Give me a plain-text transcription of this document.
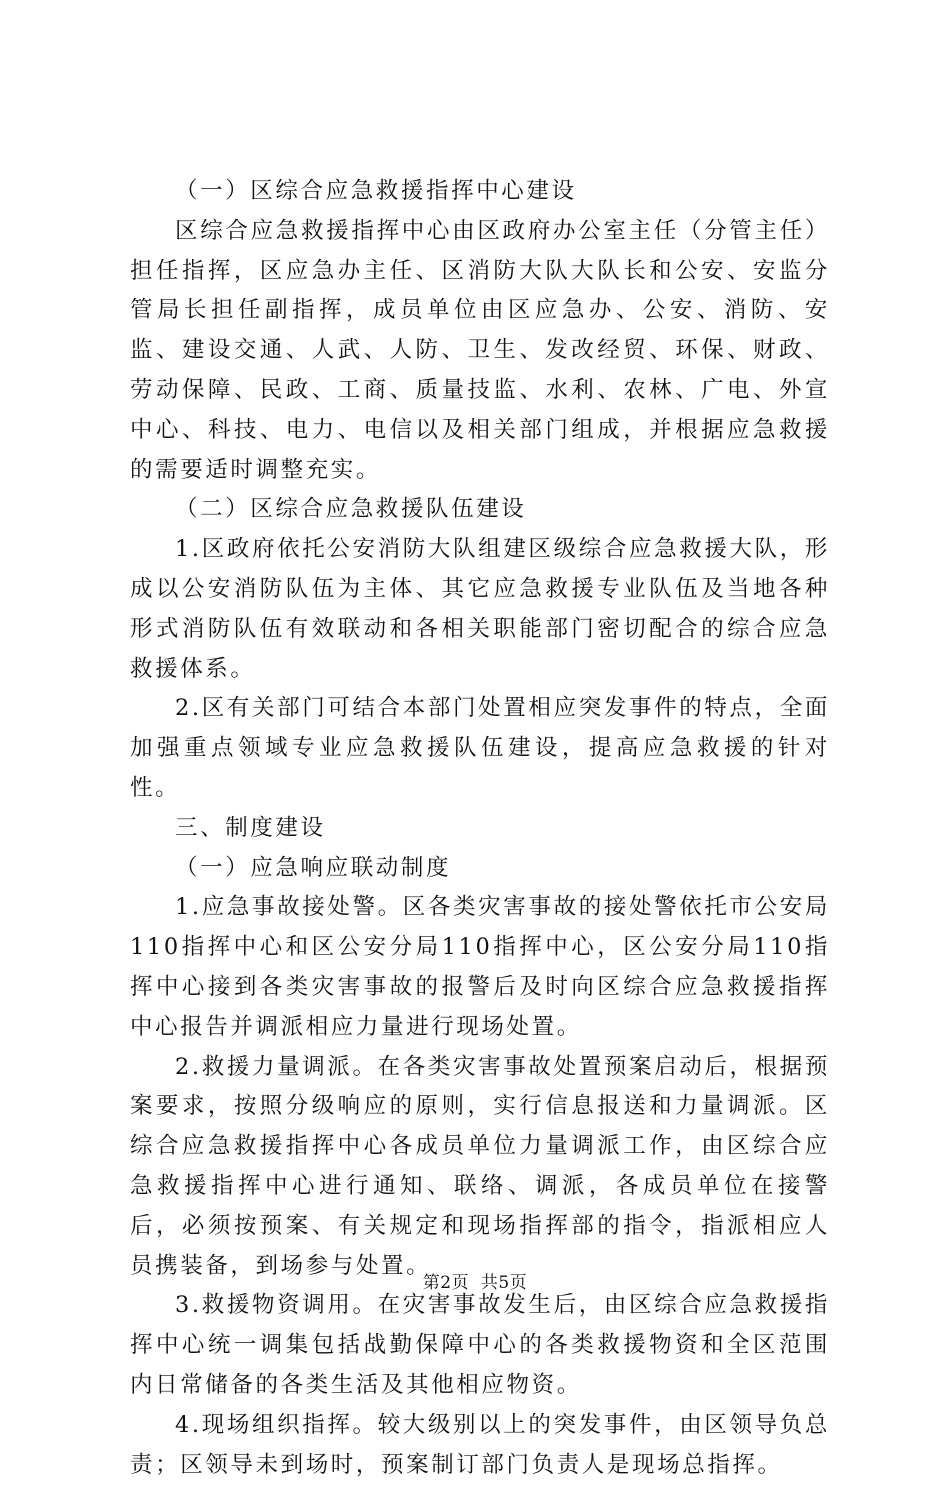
（一）区综合应急救援指挥中心建设

区综合应急救援指挥中心由区政府办公室主任（分管主任）担任指挥，区应急办主任、区消防大队大队长和公安、安监分管局长担任副指挥，成员单位由区应急办、公安、消防、安监、建设交通、人武、人防、卫生、发改经贸、环保、财政、劳动保障、民政、工商、质量技监、水利、农林、广电、外宣中心、科技、电力、电信以及相关部门组成，并根据应急救援的需要适时调整充实。

（二）区综合应急救援队伍建设

1.区政府依托公安消防大队组建区级综合应急救援大队，形成以公安消防队伍为主体、其它应急救援专业队伍及当地各种形式消防队伍有效联动和各相关职能部门密切配合的综合应急救援体系。

2.区有关部门可结合本部门处置相应突发事件的特点，全面加强重点领域专业应急救援队伍建设，提高应急救援的针对性。

三、制度建设

（一）应急响应联动制度

1.应急事故接处警。区各类灾害事故的接处警依托市公安局110指挥中心和区公安分局110指挥中心，区公安分局110指挥中心接到各类灾害事故的报警后及时向区综合应急救援指挥中心报告并调派相应力量进行现场处置。

2.救援力量调派。在各类灾害事故处置预案启动后，根据预案要求，按照分级响应的原则，实行信息报送和力量调派。区综合应急救援指挥中心各成员单位力量调派工作，由区综合应急救援指挥中心进行通知、联络、调派，各成员单位在接警后，必须按预案、有关规定和现场指挥部的指令，指派相应人员携装备，到场参与处置。

3.救援物资调用。在灾害事故发生后，由区综合应急救援指挥中心统一调集包括战勤保障中心的各类救援物资和全区范围内日常储备的各类生活及其他相应物资。

4.现场组织指挥。较大级别以上的突发事件，由区领导负总责；区领导未到场时，预案制订部门负责人是现场总指挥。

第2页 共5页
